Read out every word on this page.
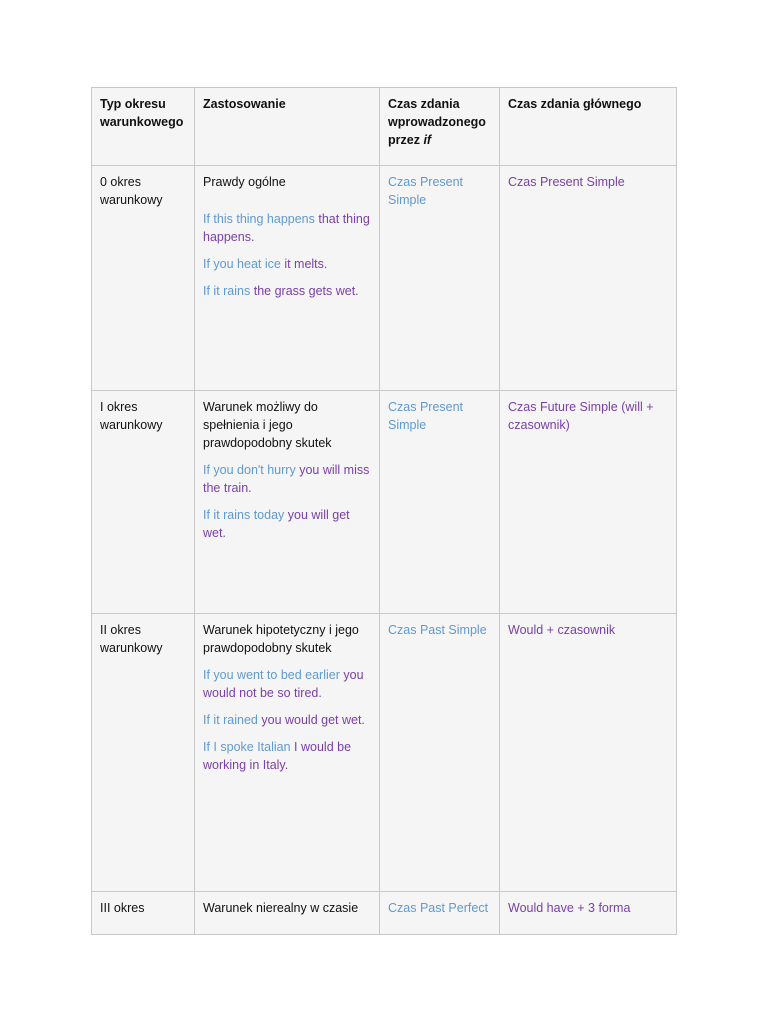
Typ okresu warunkowego	Zastosowanie	Czas zdania wprowadzonego przez if	Czas zdania głównego
0 okres warunkowy	Prawdy ogólne

If this thing happens that thing happens.

If you heat ice it melts.

If it rains the grass gets wet.	Czas Present Simple	Czas Present Simple
I okres warunkowy	Warunek możliwy do spełnienia i jego prawdopodobny skutek

If you don't hurry you will miss the train.

If it rains today you will get wet.	Czas Present Simple	Czas Future Simple (will + czasownik)
II okres warunkowy	Warunek hipotetyczny i jego prawdopodobny skutek

If you went to bed earlier you would not be so tired.

If it rained you would get wet.

If I spoke Italian I would be working in Italy.	Czas Past Simple	Would + czasownik
III okres	Warunek nierealny w czasie	Czas Past Perfect	Would have + 3 forma
